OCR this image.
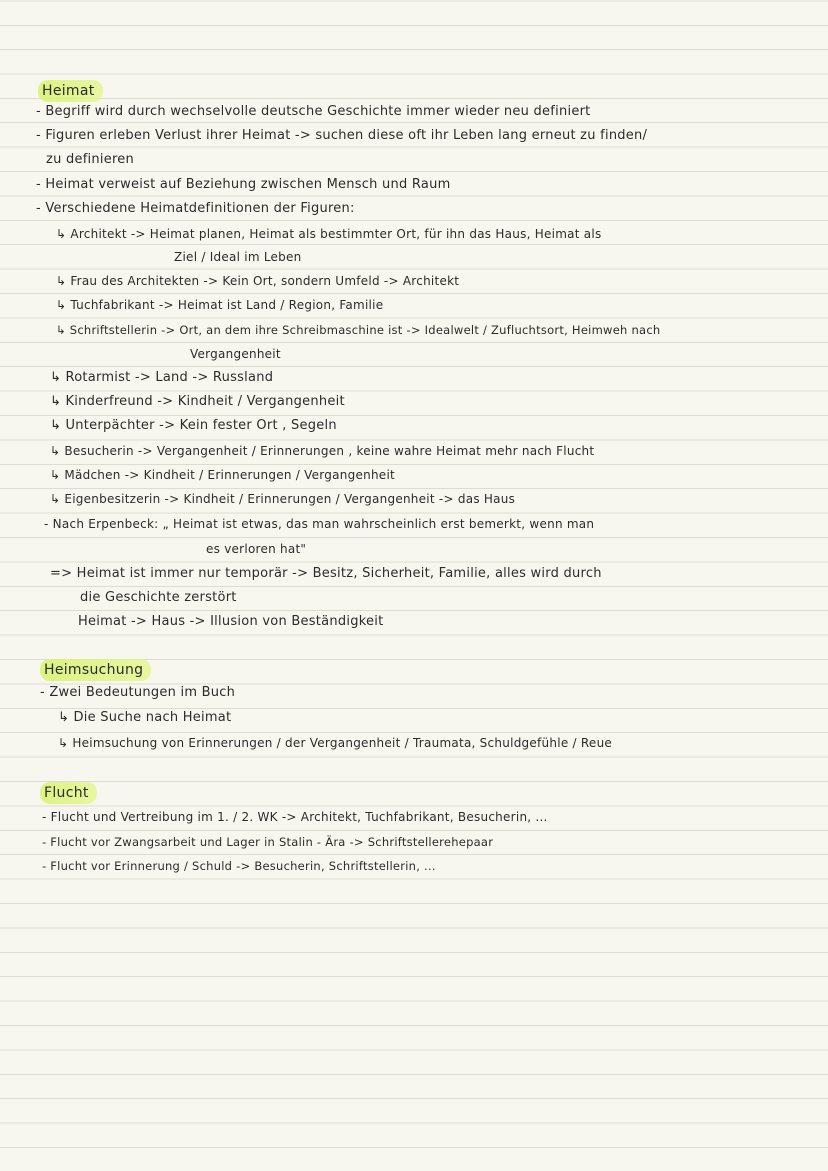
Heimat
- Begriff wird durch wechselvolle deutsche Geschichte immer wieder neu definiert
- Figuren erleben Verlust ihrer Heimat -> suchen diese oft ihr Leben lang erneut zu finden/
zu definieren
- Heimat verweist auf Beziehung zwischen Mensch und Raum
- Verschiedene Heimatdefinitionen der Figuren:
↳ Architekt -> Heimat planen, Heimat als bestimmter Ort, für ihn das Haus, Heimat als
Ziel / Ideal im Leben
↳ Frau des Architekten -> Kein Ort, sondern Umfeld -> Architekt
↳ Tuchfabrikant -> Heimat ist Land / Region, Familie
↳ Schriftstellerin -> Ort, an dem ihre Schreibmaschine ist -> Idealwelt / Zufluchtsort, Heimweh nach
Vergangenheit
↳ Rotarmist -> Land -> Russland
↳ Kinderfreund -> Kindheit / Vergangenheit
↳ Unterpächter -> Kein fester Ort , Segeln
↳ Besucherin -> Vergangenheit / Erinnerungen , keine wahre Heimat mehr nach Flucht
↳ Mädchen -> Kindheit / Erinnerungen / Vergangenheit
↳ Eigenbesitzerin -> Kindheit / Erinnerungen / Vergangenheit -> das Haus
- Nach Erpenbeck: „ Heimat ist etwas, das man wahrscheinlich erst bemerkt, wenn man
es verloren hat"
=> Heimat ist immer nur temporär -> Besitz, Sicherheit, Familie, alles wird durch
die Geschichte zerstört
Heimat -> Haus -> Illusion von Beständigkeit
Heimsuchung
- Zwei Bedeutungen im Buch
↳ Die Suche nach Heimat
↳ Heimsuchung von Erinnerungen / der Vergangenheit / Traumata, Schuldgefühle / Reue
Flucht
- Flucht und Vertreibung im 1. / 2. WK -> Architekt, Tuchfabrikant, Besucherin, ...
- Flucht vor Zwangsarbeit und Lager in Stalin - Ära -> Schriftstellerehepaar
- Flucht vor Erinnerung / Schuld -> Besucherin, Schriftstellerin, ...
